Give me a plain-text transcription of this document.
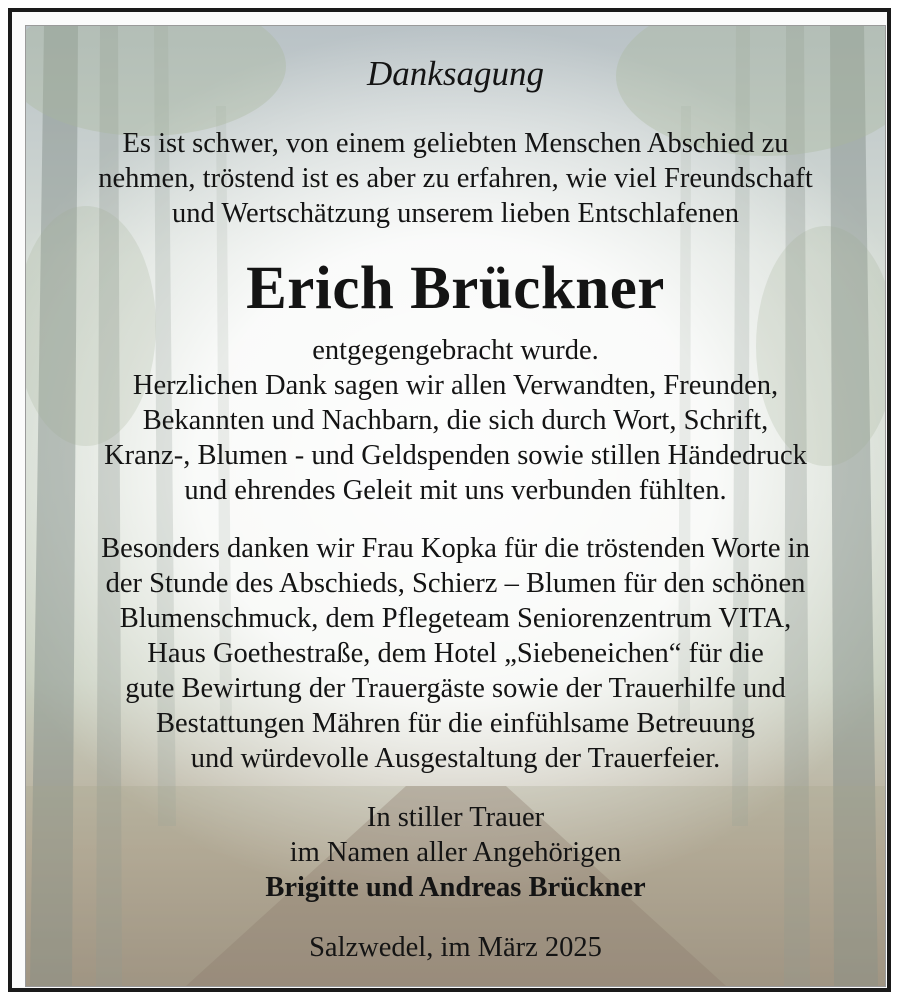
Danksagung
Es ist schwer, von einem geliebten Menschen Abschied zu
nehmen, tröstend ist es aber zu erfahren, wie viel Freundschaft
und Wertschätzung unserem lieben Entschlafenen
Erich Brückner
entgegengebracht wurde.
Herzlichen Dank sagen wir allen Verwandten, Freunden,
Bekannten und Nachbarn, die sich durch Wort, Schrift,
Kranz-, Blumen - und Geldspenden sowie stillen Händedruck
und ehrendes Geleit mit uns verbunden fühlten.
Besonders danken wir Frau Kopka für die tröstenden Worte in
der Stunde des Abschieds, Schierz – Blumen für den schönen
Blumenschmuck, dem Pflegeteam Seniorenzentrum VITA,
Haus Goethestraße, dem Hotel „Siebeneichen“ für die
gute Bewirtung der Trauergäste sowie der Trauerhilfe und
Bestattungen Mähren für die einfühlsame Betreuung
und würdevolle Ausgestaltung der Trauerfeier.
In stiller Trauer
im Namen aller Angehörigen
Brigitte und Andreas Brückner
Salzwedel, im März 2025
